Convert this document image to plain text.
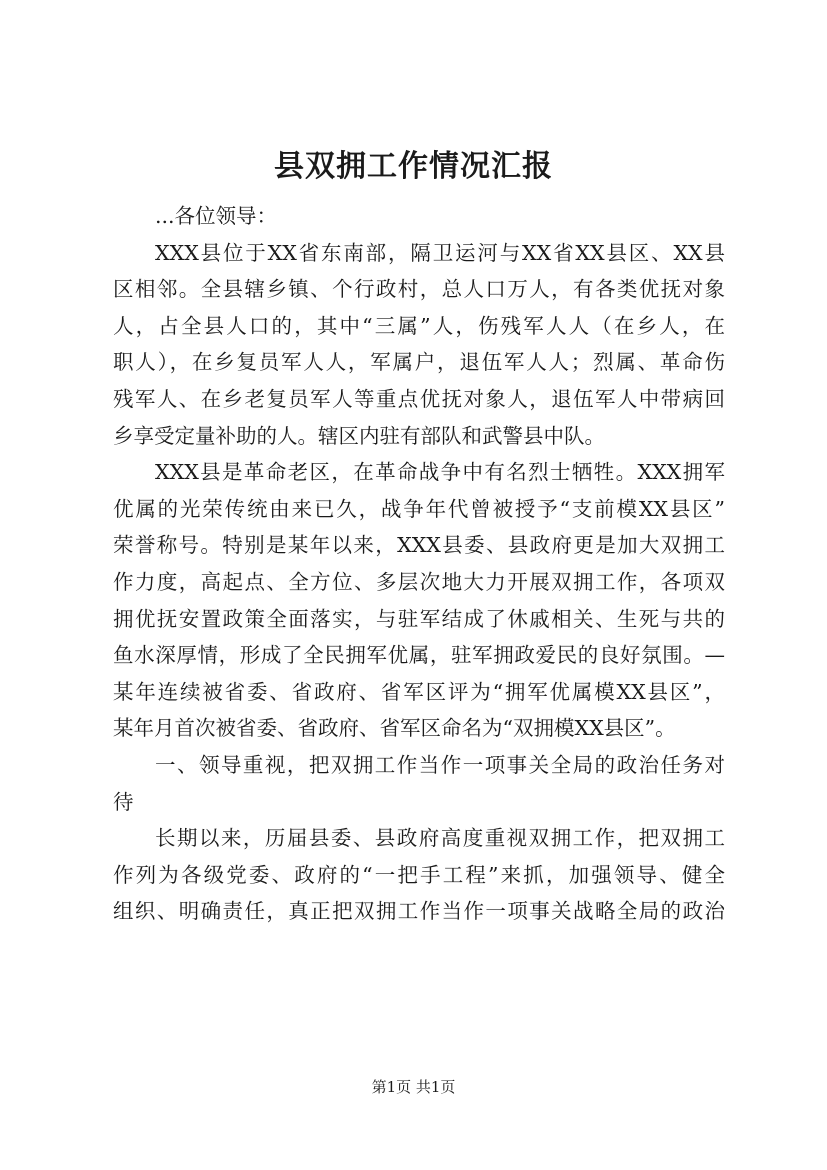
县双拥工作情况汇报
...各位领导：
XXX县位于XX省东南部，隔卫运河与XX省XX县区、XX县
区相邻。全县辖乡镇、个行政村，总人口万人，有各类优抚对象
人，占全县人口的，其中“三属”人，伤残军人人（在乡人，在
职人），在乡复员军人人，军属户，退伍军人人；烈属、革命伤
残军人、在乡老复员军人等重点优抚对象人，退伍军人中带病回
乡享受定量补助的人。辖区内驻有部队和武警县中队。
XXX县是革命老区，在革命战争中有名烈士牺牲。XXX拥军
优属的光荣传统由来已久，战争年代曾被授予“支前模XX县区”
荣誉称号。特别是某年以来，XXX县委、县政府更是加大双拥工
作力度，高起点、全方位、多层次地大力开展双拥工作，各项双
拥优抚安置政策全面落实，与驻军结成了休戚相关、生死与共的
鱼水深厚情，形成了全民拥军优属，驻军拥政爱民的良好氛围。—
某年连续被省委、省政府、省军区评为“拥军优属模XX县区”，
某年月首次被省委、省政府、省军区命名为“双拥模XX县区”。
一、领导重视，把双拥工作当作一项事关全局的政治任务对
待
长期以来，历届县委、县政府高度重视双拥工作，把双拥工
作列为各级党委、政府的“一把手工程”来抓，加强领导、健全
组织、明确责任，真正把双拥工作当作一项事关战略全局的政治
第1页 共1页
